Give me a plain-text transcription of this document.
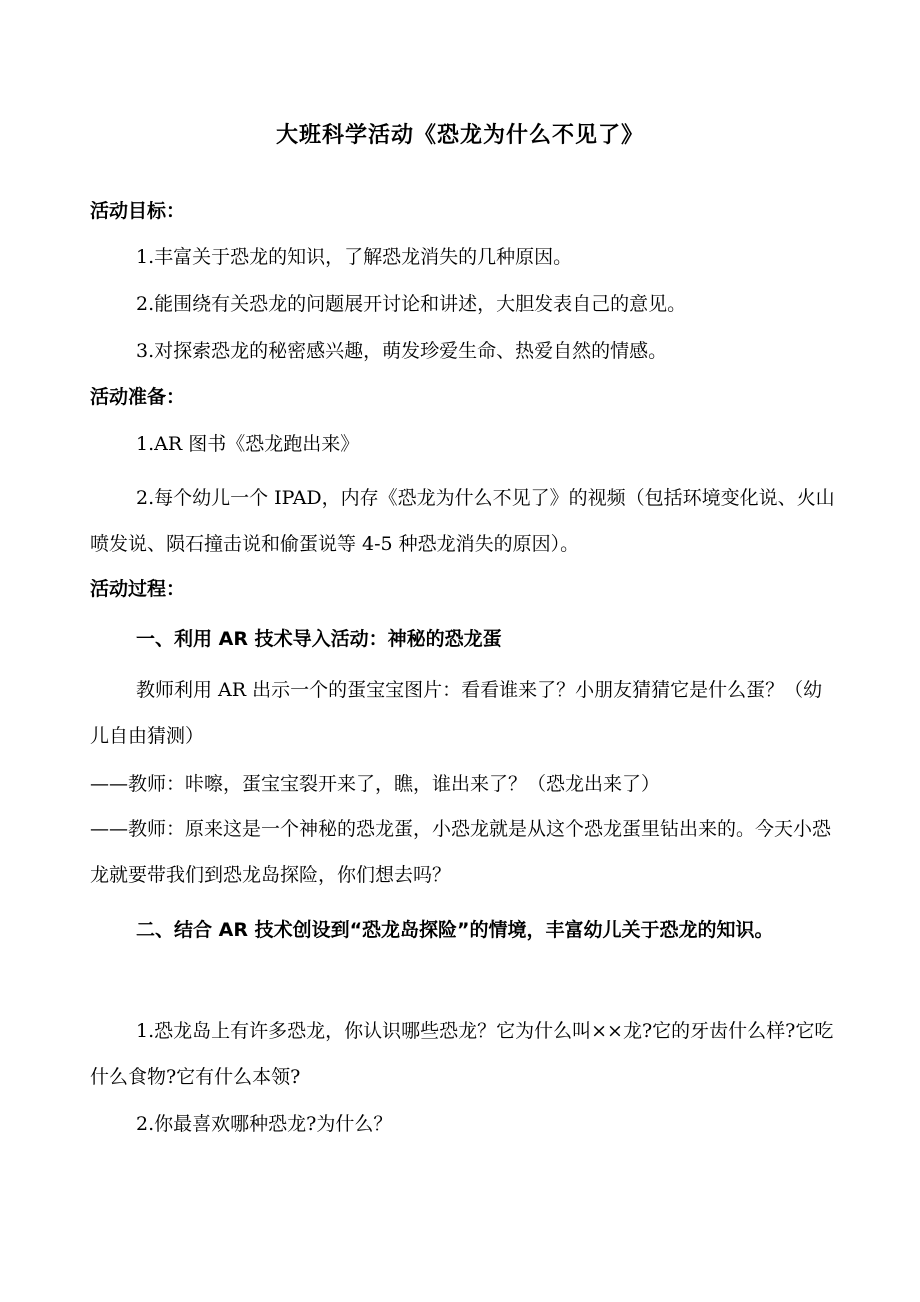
大班科学活动《恐龙为什么不见了》
活动目标：
1.丰富关于恐龙的知识，了解恐龙消失的几种原因。
2.能围绕有关恐龙的问题展开讨论和讲述，大胆发表自己的意见。
3.对探索恐龙的秘密感兴趣，萌发珍爱生命、热爱自然的情感。
活动准备：
1.AR 图书《恐龙跑出来》
2.每个幼儿一个 IPAD，内存《恐龙为什么不见了》的视频（包括环境变化说、火山喷发说、陨石撞击说和偷蛋说等 4-5 种恐龙消失的原因）。
活动过程：
一、利用 AR 技术导入活动：神秘的恐龙蛋
教师利用 AR 出示一个的蛋宝宝图片：看看谁来了？小朋友猜猜它是什么蛋？（幼儿自由猜测）
——教师：咔嚓，蛋宝宝裂开来了，瞧，谁出来了？（恐龙出来了）
——教师：原来这是一个神秘的恐龙蛋，小恐龙就是从这个恐龙蛋里钻出来的。今天小恐龙就要带我们到恐龙岛探险，你们想去吗？
二、结合 AR 技术创设到“恐龙岛探险”的情境，丰富幼儿关于恐龙的知识。
1.恐龙岛上有许多恐龙，你认识哪些恐龙？它为什么叫××龙?它的牙齿什么样?它吃什么食物?它有什么本领?
2.你最喜欢哪种恐龙?为什么？
